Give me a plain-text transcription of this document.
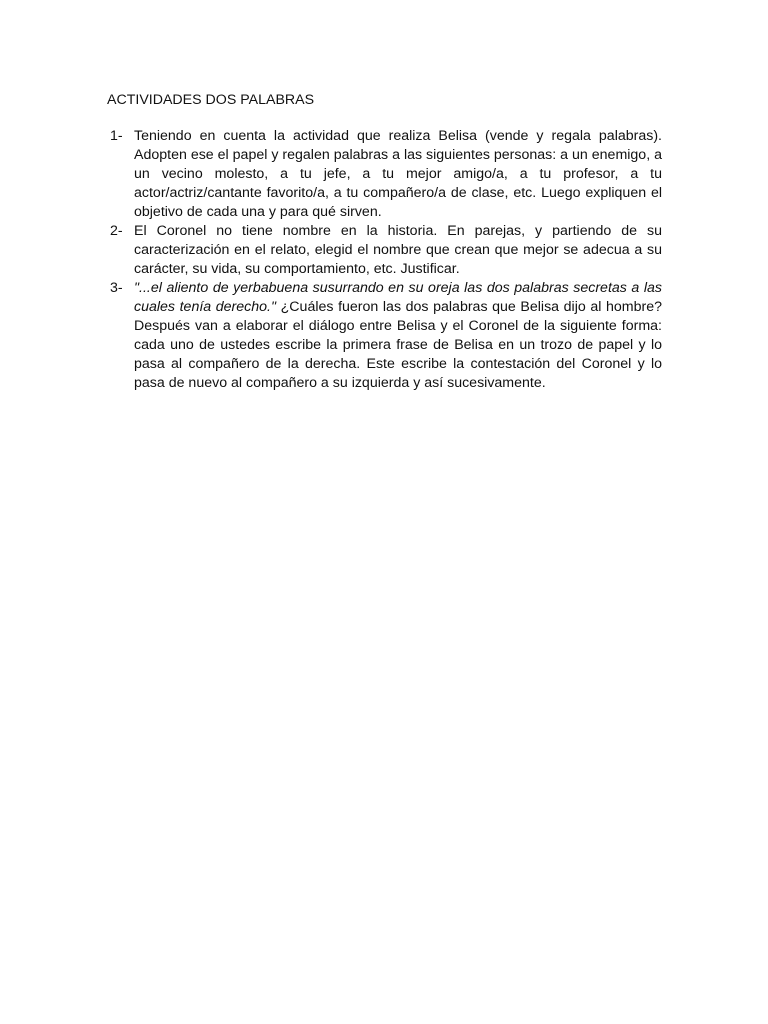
ACTIVIDADES DOS PALABRAS
1- Teniendo en cuenta la actividad que realiza Belisa (vende y regala palabras). Adopten ese el papel y regalen palabras a las siguientes personas: a un enemigo, a un vecino molesto, a tu jefe, a tu mejor amigo/a, a tu profesor, a tu actor/actriz/cantante favorito/a, a tu compañero/a de clase, etc. Luego expliquen el objetivo de cada una y para qué sirven.
2- El Coronel no tiene nombre en la historia. En parejas, y partiendo de su caracterización en el relato, elegid el nombre que crean que mejor se adecua a su carácter, su vida, su comportamiento, etc. Justificar.
3- "...el aliento de yerbabuena susurrando en su oreja las dos palabras secretas a las cuales tenía derecho." ¿Cuáles fueron las dos palabras que Belisa dijo al hombre? Después van a elaborar el diálogo entre Belisa y el Coronel de la siguiente forma: cada uno de ustedes escribe la primera frase de Belisa en un trozo de papel y lo pasa al compañero de la derecha. Este escribe la contestación del Coronel y lo pasa de nuevo al compañero a su izquierda y así sucesivamente.
